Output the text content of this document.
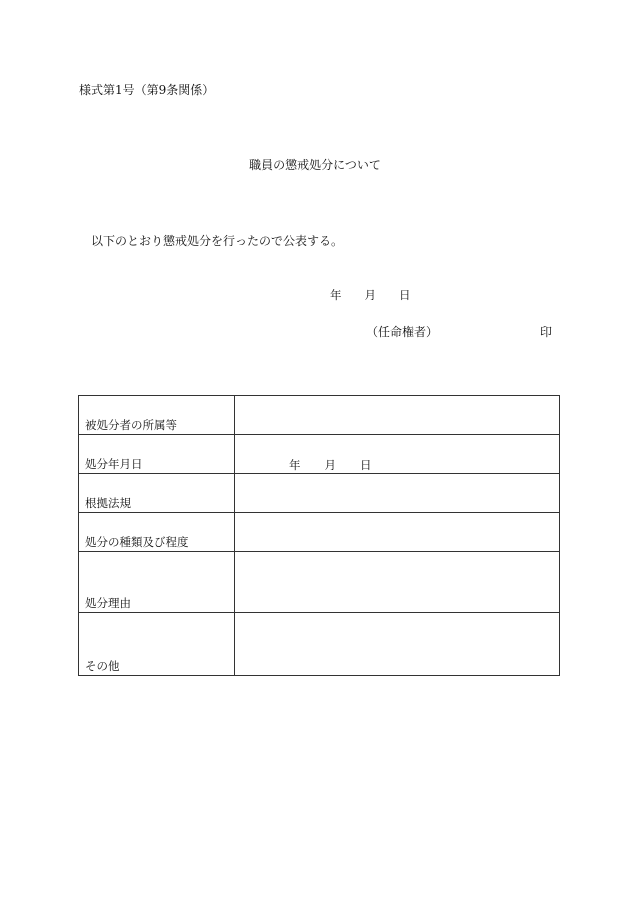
様式第1号（第9条関係）
職員の懲戒処分について
以下のとおり懲戒処分を行ったので公表する。
年 月 日
（任命権者）	印
被処分者の所属等	
処分年月日	年 月 日
根拠法規	
処分の種類及び程度	
処分理由	
その他	
